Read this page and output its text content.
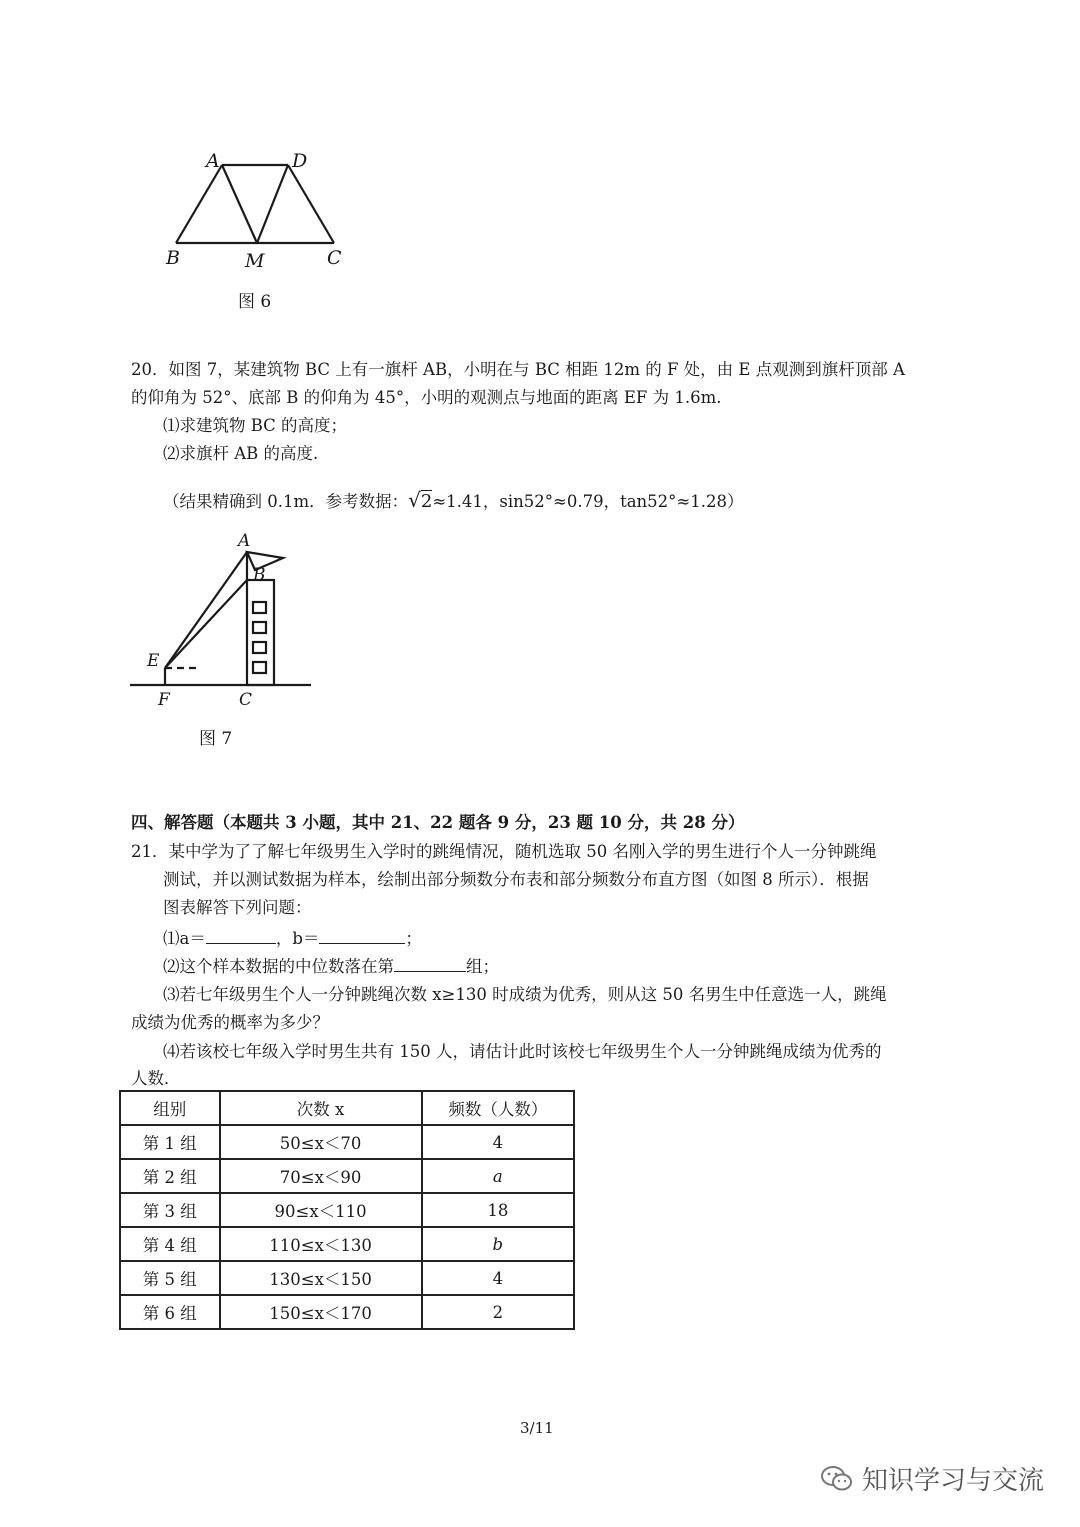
A	D
B	M	C
图 6
20．如图 7，某建筑物 BC 上有一旗杆 AB，小明在与 BC 相距 12m 的 F 处，由 E 点观测到旗杆顶部 A
的仰角为 52°、底部 B 的仰角为 45°，小明的观测点与地面的距离 EF 为 1.6m.
⑴求建筑物 BC 的高度；
⑵求旗杆 AB 的高度.
（结果精确到 0.1m．参考数据：√2≈1.41，sin52°≈0.79，tan52°≈1.28）
A
B
E
F	C
图 7
四、解答题（本题共 3 小题，其中 21、22 题各 9 分，23 题 10 分，共 28 分）
21．某中学为了了解七年级男生入学时的跳绳情况，随机选取 50 名刚入学的男生进行个人一分钟跳绳
测试，并以测试数据为样本，绘制出部分频数分布表和部分频数分布直方图（如图 8 所示）．根据
图表解答下列问题：
⑴a＝	，b＝	；
⑵这个样本数据的中位数落在第	组；
⑶若七年级男生个人一分钟跳绳次数 x≥130 时成绩为优秀，则从这 50 名男生中任意选一人，跳绳
成绩为优秀的概率为多少？
⑷若该校七年级入学时男生共有 150 人，请估计此时该校七年级男生个人一分钟跳绳成绩为优秀的
人数．
组别	次数 x	频数（人数）
第 1 组	50≤x＜70	4
第 2 组	70≤x＜90	a
第 3 组	90≤x＜110	18
第 4 组	110≤x＜130	b
第 5 组	130≤x＜150	4
第 6 组	150≤x＜170	2
3/11
知识学习与交流
